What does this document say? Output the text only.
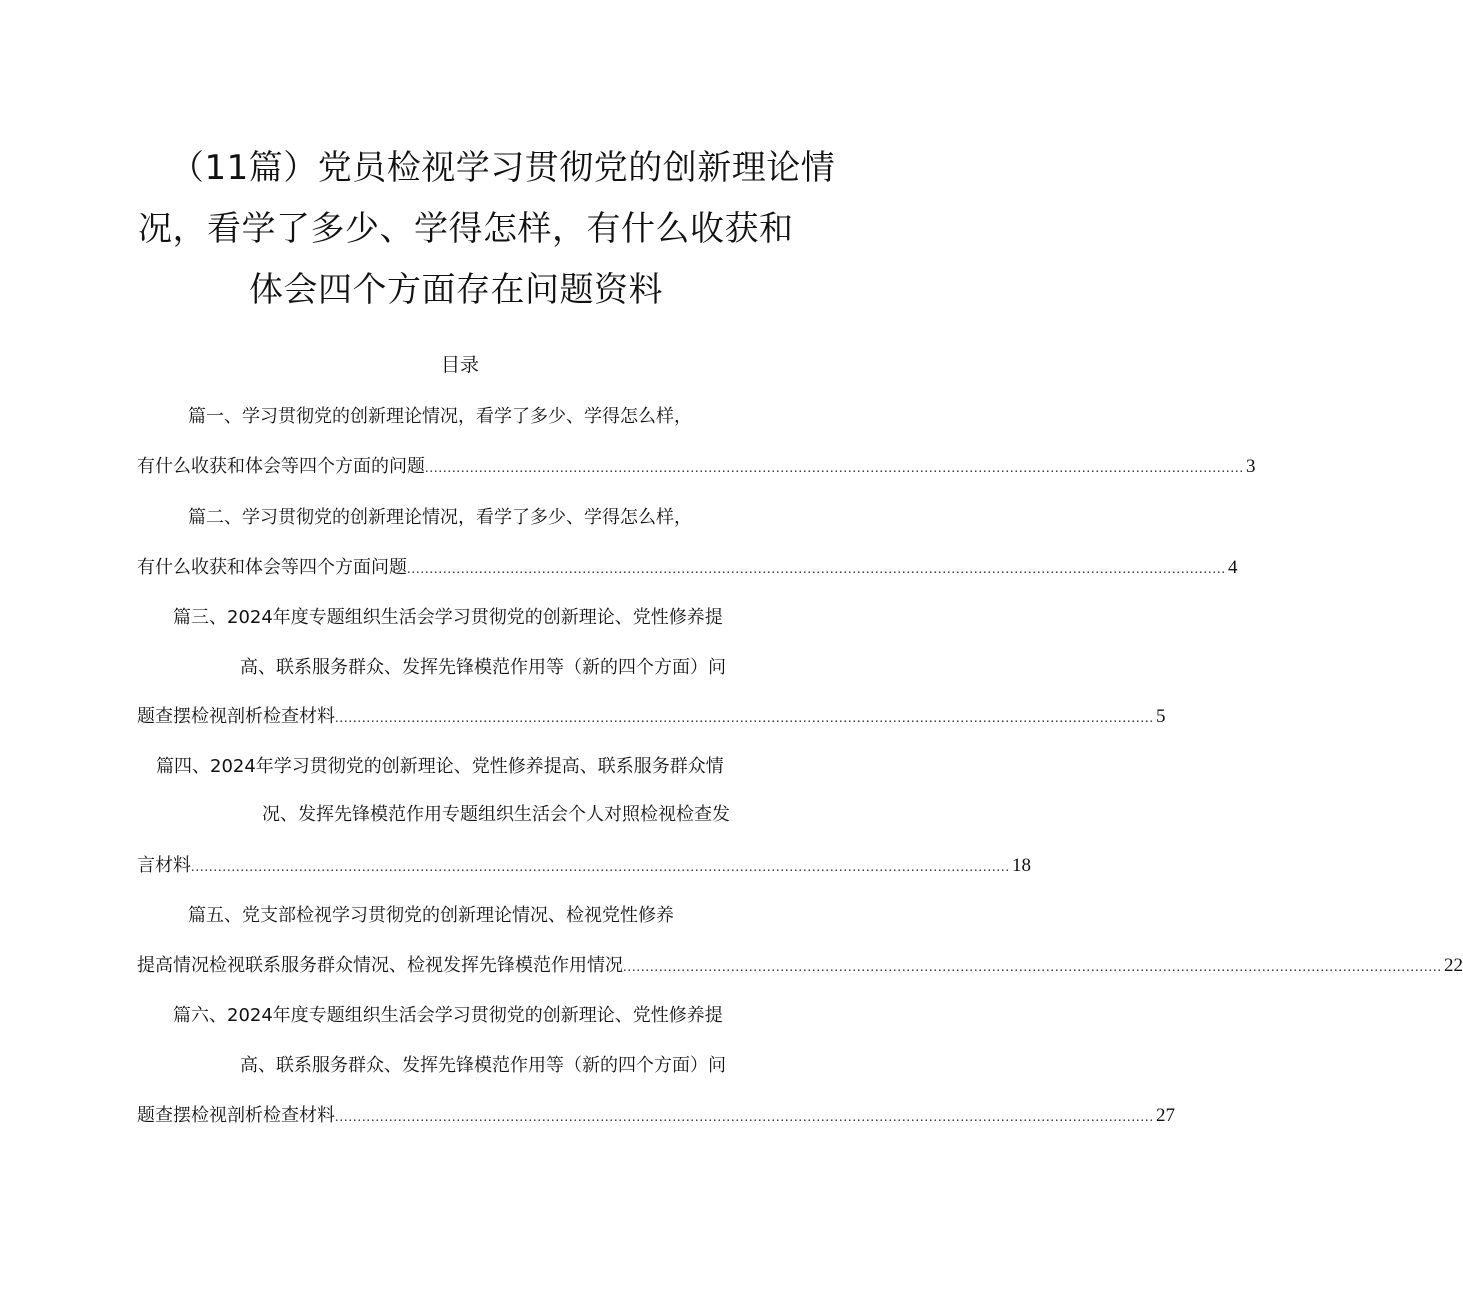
（11篇）党员检视学习贯彻党的创新理论情
况，看学了多少、学得怎样，有什么收获和
体会四个方面存在问题资料
目录
篇一、学习贯彻党的创新理论情况，看学了多少、学得怎么样，
有什么收获和体会等四个方面的问题 ...................................................................................................................................................................................... 3
篇二、学习贯彻党的创新理论情况，看学了多少、学得怎么样，
有什么收获和体会等四个方面问题 ...................................................................................................................................................................................... 4
篇三、2024年度专题组织生活会学习贯彻党的创新理论、党性修养提
高、联系服务群众、发挥先锋模范作用等（新的四个方面）问
题查摆检视剖析检查材料 ...................................................................................................................................................................................... 5
篇四、2024年学习贯彻党的创新理论、党性修养提高、联系服务群众情
况、发挥先锋模范作用专题组织生活会个人对照检视检查发
言材料 ...................................................................................................................................................................................... 18
篇五、党支部检视学习贯彻党的创新理论情况、检视党性修养
提高情况检视联系服务群众情况、检视发挥先锋模范作用情况 ...................................................................................................................................................................................... 22
篇六、2024年度专题组织生活会学习贯彻党的创新理论、党性修养提
高、联系服务群众、发挥先锋模范作用等（新的四个方面）问
题查摆检视剖析检查材料 ...................................................................................................................................................................................... 27
